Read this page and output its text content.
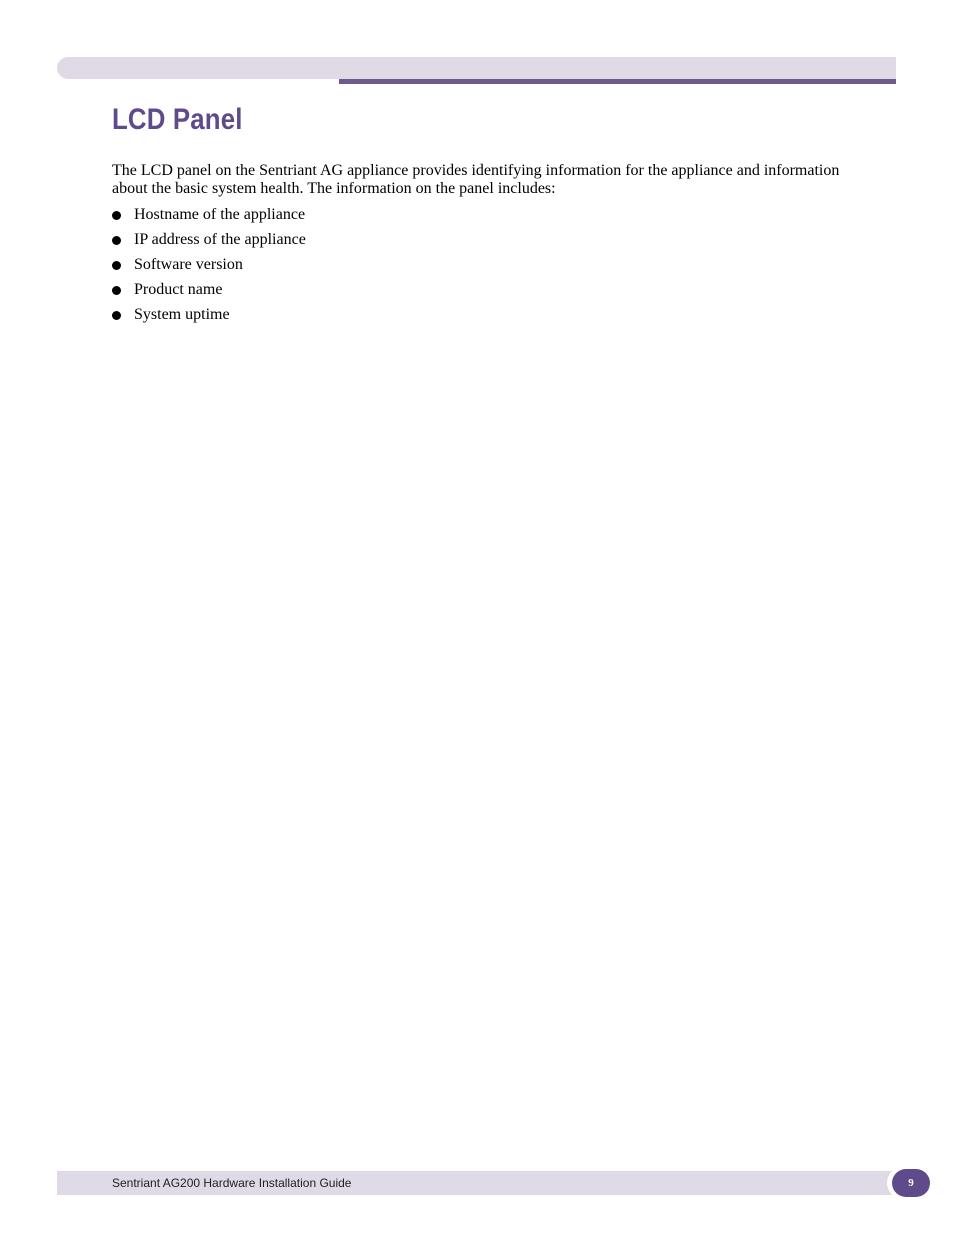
LCD Panel

The LCD panel on the Sentriant AG appliance provides identifying information for the appliance and information about the basic system health. The information on the panel includes:

Hostname of the appliance
IP address of the appliance
Software version
Product name
System uptime
Sentriant AG200 Hardware Installation Guide	9
